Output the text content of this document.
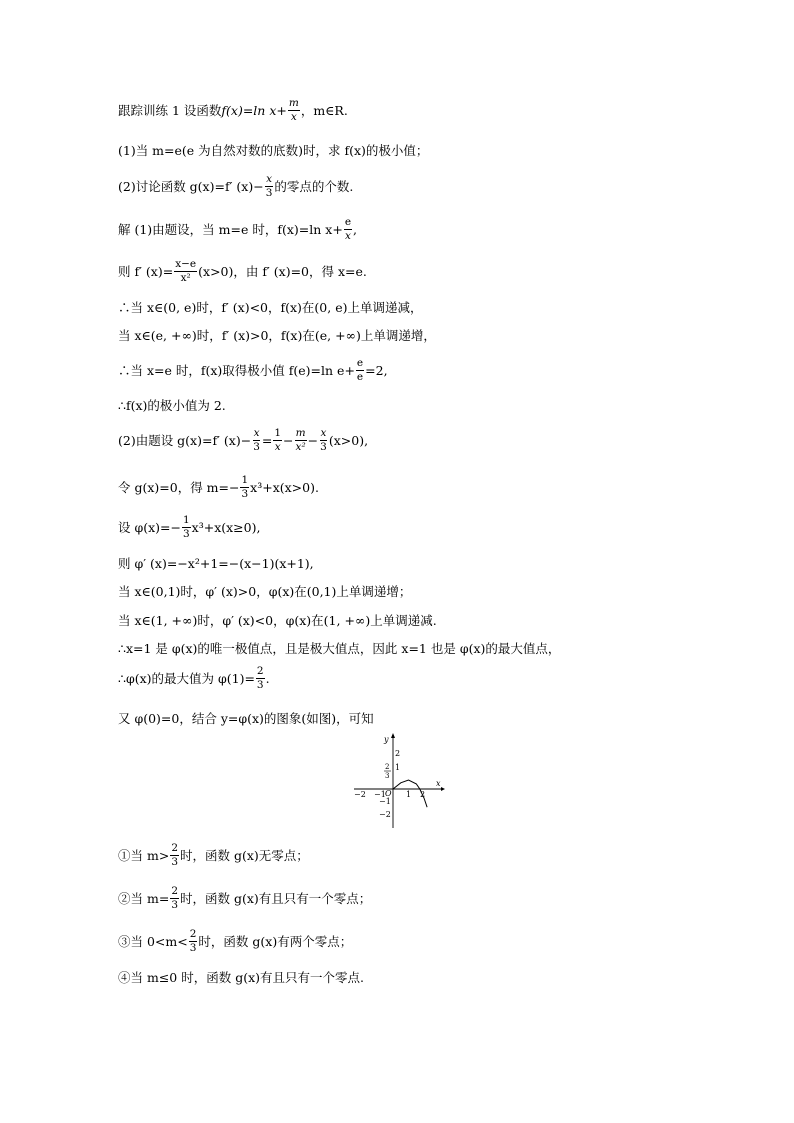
跟踪训练 1 设函数 f(x)=ln $x+ \frac{m}{x}$ ，m∈R.
(1)当 m=e(e 为自然对数的底数)时，求 f(x)的极小值；
(2)讨论函数 g(x)=f′ $(x)- \frac{x}{3}$ 的零点的个数.
解 (1)由题设，当 m=e 时，f(x)=ln $x+ \frac{e}{x}$ ,
则 f′ $(x)= \frac{x-e}{\text{x²}} (x>0)$，由 f′ (x)=0，得 x=e.
∴当 x∈(0, e)时，f′ (x)<0，f(x)在(0, e)上单调递减，
当 x∈(e, +∞)时，f′ (x)>0，f(x)在(e, +∞)上单调递增，
∴当 x=e 时，f(x)取得极小值 f(e)=ln $e+ \frac{e}{e} =2$,
∴f(x)的极小值为 2.
(2)由题设 g(x)=f′ $(x)- \frac{x}{3} = \frac{1}{x} - \frac{m}{\text{x²}} - \frac{x}{3} (x>0)$,
令 g(x)=0，得 $m=- \frac{1}{3} x^3+x(x>0)$.
设 $\varphi(x)=- \frac{1}{3} x^3+x(x\ge 0)$,
则 φ′ (x)=−x²+1=−(x−1)(x+1),
当 x∈(0,1)时，φ′ (x)>0，φ(x)在(0,1)上单调递增；
当 x∈(1, +∞)时，φ′ (x)<0，φ(x)在(1, +∞)上单调递减.
∴x=1 是 φ(x)的唯一极值点，且是极大值点，因此 x=1 也是 φ(x)的最大值点，
∴φ(x)的最大值为 $\varphi(1)= \frac{2}{3}$ .
又 φ(0)=0，结合 y=φ(x)的图象(如图)，可知
y
x
O
2
1
2
3
−1
−2
−2 −1	1 2
①当 $m> \frac{2}{3}$ 时，函数 g(x)无零点；
②当 $m= \frac{2}{3}$ 时，函数 g(x)有且只有一个零点；
③当 $0<m< \frac{2}{3}$ 时，函数 g(x)有两个零点；
④当 m≤0 时，函数 g(x)有且只有一个零点.
